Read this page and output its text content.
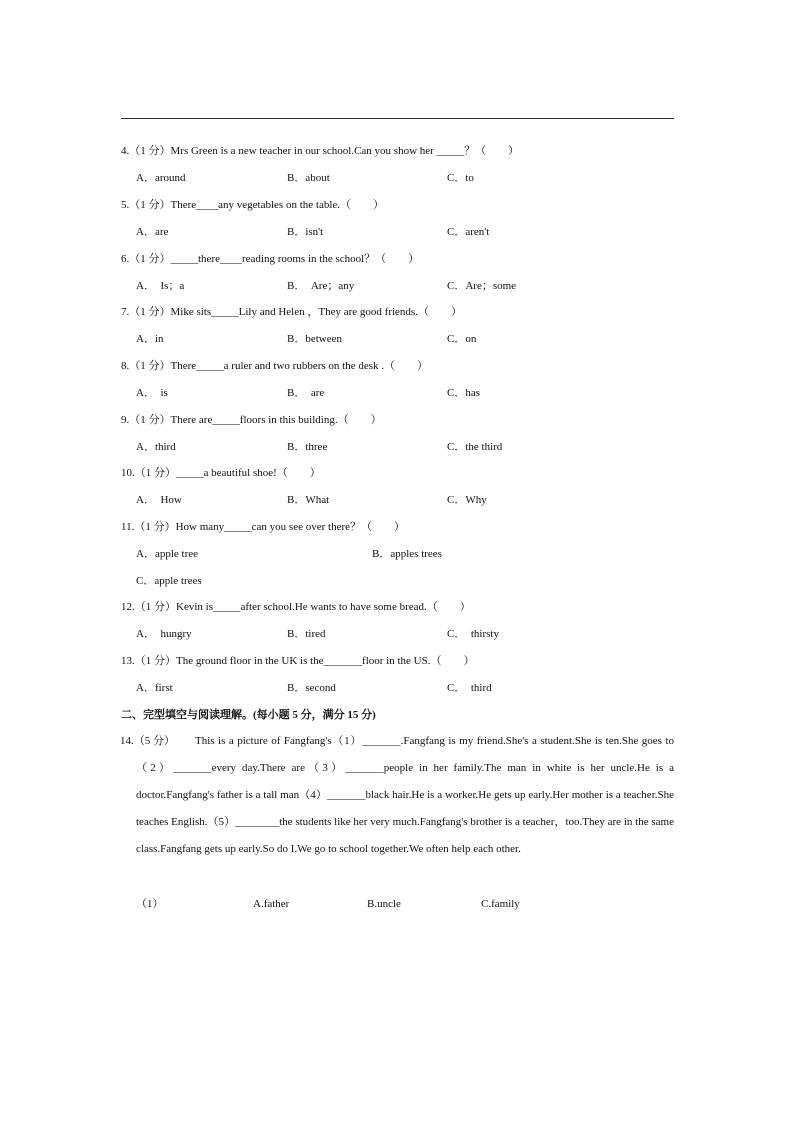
4.（1 分）Mrs Green is a new teacher in our school.Can you show her _____？（　　）
A．around	B．about	C．to
5.（1 分）There____any vegetables on the table.（　　）
A．are	B．isn't	C．aren't
6.（1 分）_____there____reading rooms in the school？（　　）
A．　Is；a	B．　Are；any	C．Are；some
7.（1 分）Mike sits_____Lily and Helen ，They are good friends.（　　）
A．in	B．between	C．on
8.（1 分）There_____a ruler and two rubbers on the desk .（　　）
A．　is	B．　are	C．has
9.（1 分）There are_____floors in this building.（　　）
A．third	B．three	C．the third
10.（1 分）_____a beautiful shoe!（　　）
A．　How	B．What	C．Why
11.（1 分）How many_____can you see over there？（　　）
A．apple tree	B．apples trees
C．apple trees
12.（1 分）Kevin is_____after school.He wants to have some bread.（　　）
A．　hungry	B．tired	C．　thirsty
13.（1 分）The ground floor in the UK is the_______floor in the US.（　　）
A．first	B．second	C．　third
二、完型填空与阅读理解。(每小题 5 分，满分 15 分)
14.（5 分） This is a picture of Fangfang's（1）_______.Fangfang is my friend.She's a student.She is ten.She goes to（2）_______every day.There are（3）_______people in her family.The man in white is her uncle.He is a doctor.Fangfang's father is a tall man（4）_______black hair.He is a worker.He gets up early.Her mother is a teacher.She teaches English.（5）________the students like her very much.Fangfang's brother is a teacher，too.They are in the same class.Fangfang gets up early.So do I.We go to school together.We often help each other.
（1）	A.father	B.uncle	C.family
